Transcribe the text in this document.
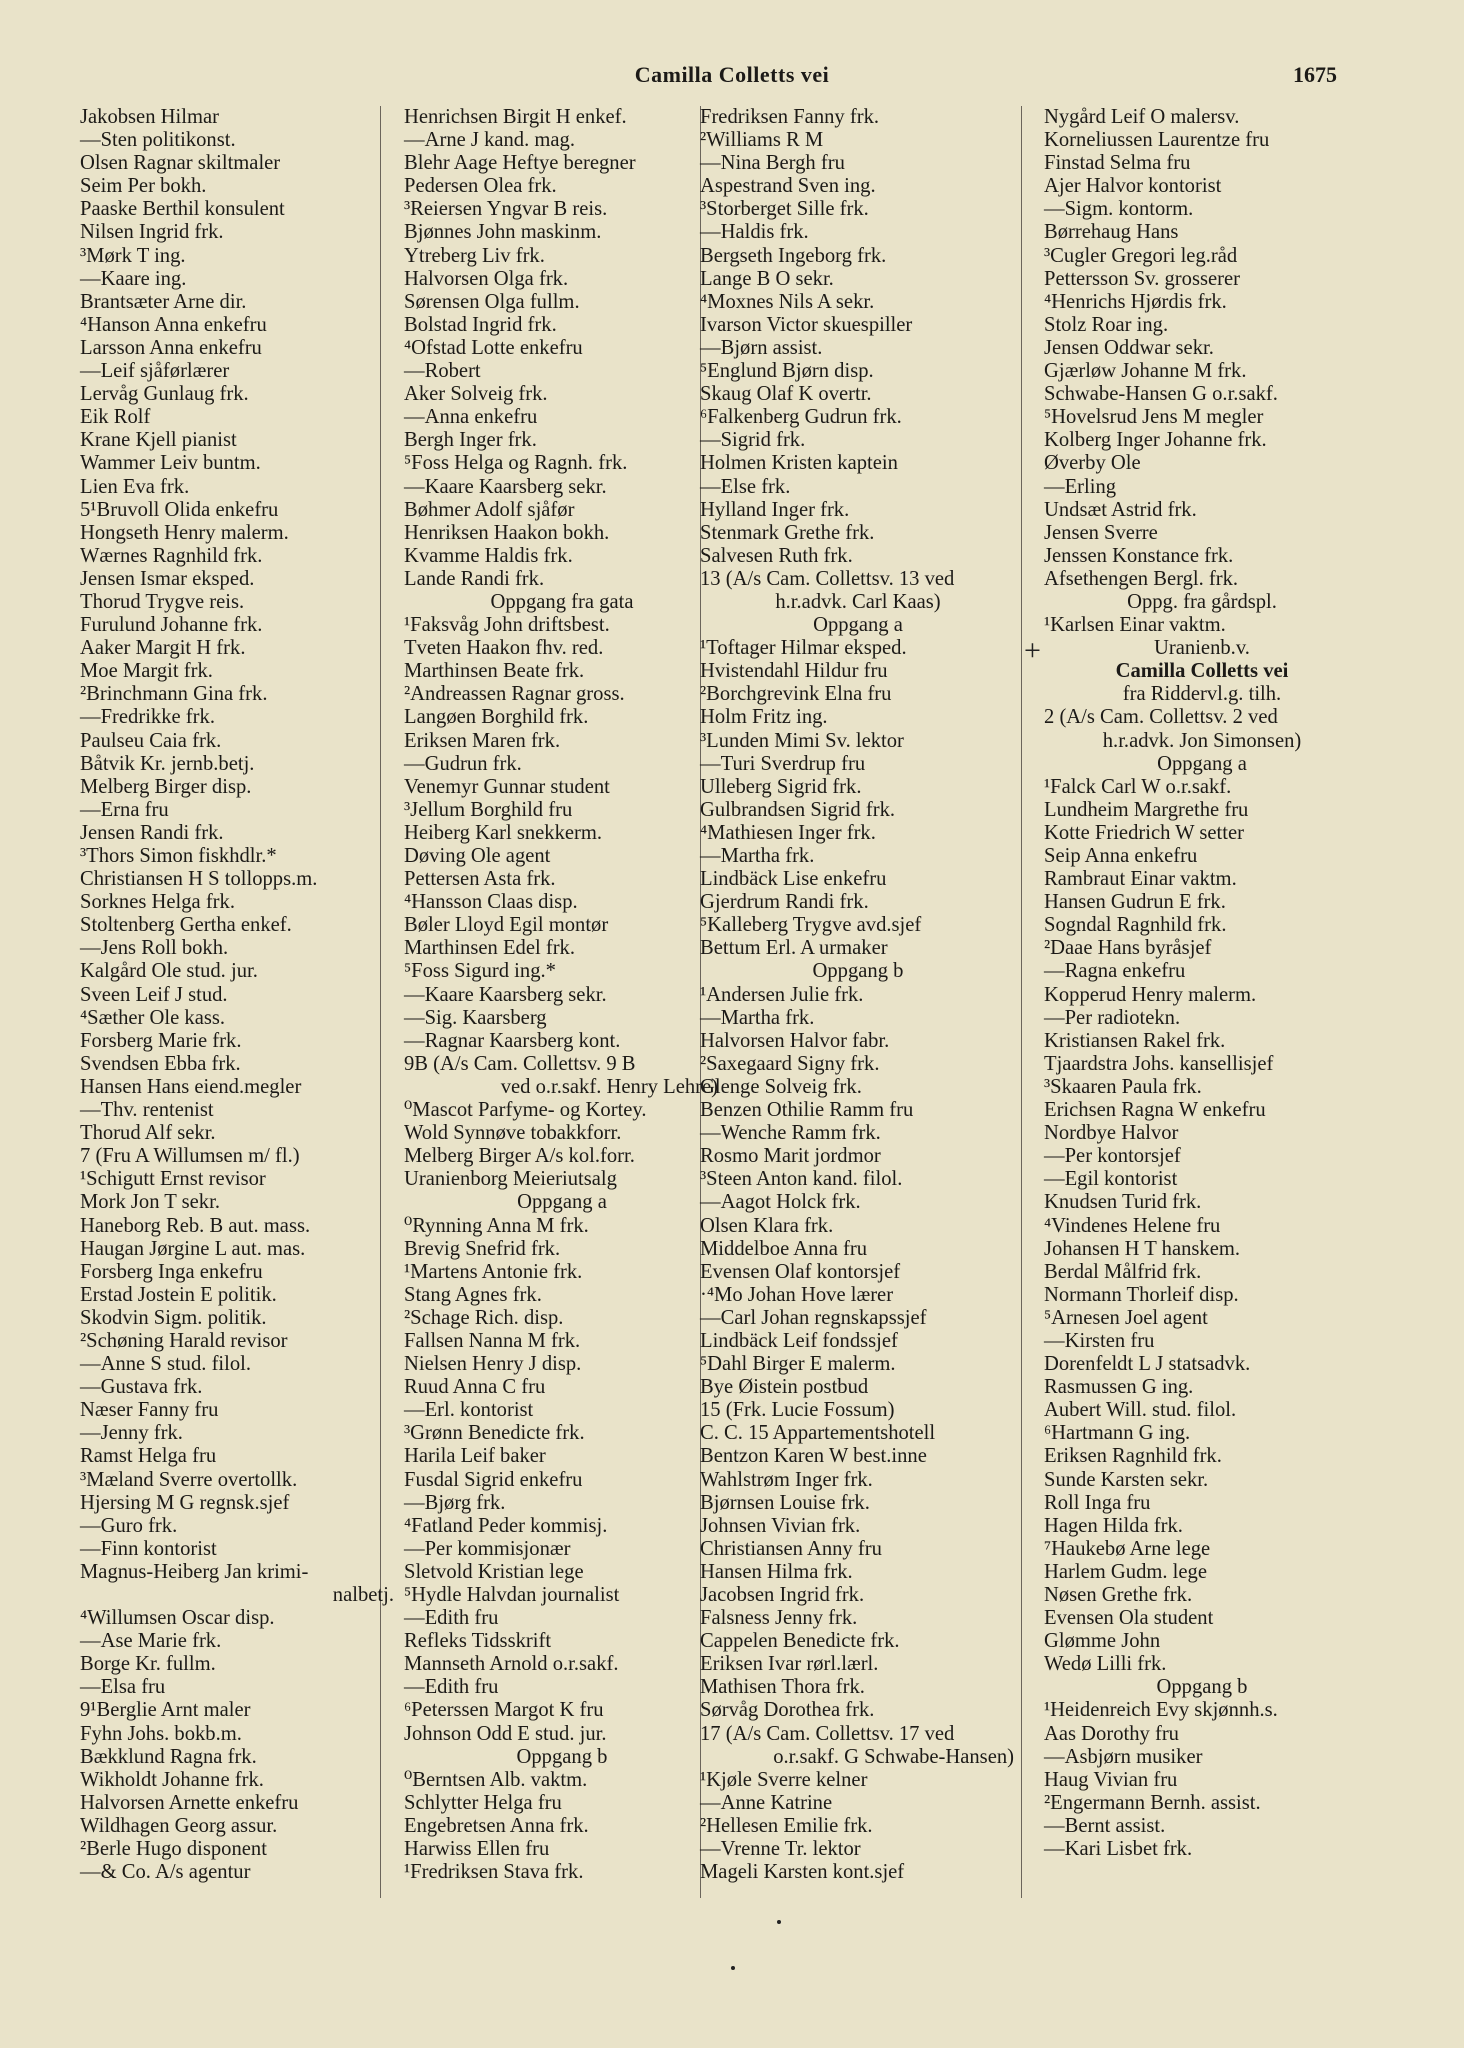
Camilla Colletts vei	1675
Jakobsen Hilmar
—Sten politikonst.
Olsen Ragnar skiltmaler
Seim Per bokh.
Paaske Berthil konsulent
Nilsen Ingrid frk.
³Mørk T ing.
—Kaare ing.
Brantsæter Arne dir.
⁴Hanson Anna enkefru
Larsson Anna enkefru
—Leif sjåførlærer
Lervåg Gunlaug frk.
Eik Rolf
Krane Kjell pianist
Wammer Leiv buntm.
Lien Eva frk.
5¹Bruvoll Olida enkefru
Hongseth Henry malerm.
Wærnes Ragnhild frk.
Jensen Ismar eksped.
Thorud Trygve reis.
Furulund Johanne frk.
Aaker Margit H frk.
Moe Margit frk.
²Brinchmann Gina frk.
—Fredrikke frk.
Paulseu Caia frk.
Båtvik Kr. jernb.betj.
Melberg Birger disp.
—Erna fru
Jensen Randi frk.
³Thors Simon fiskhdlr.*
Christiansen H S tollopps.m.
Sorknes Helga frk.
Stoltenberg Gertha enkef.
—Jens Roll bokh.
Kalgård Ole stud. jur.
Sveen Leif J stud.
⁴Sæther Ole kass.
Forsberg Marie frk.
Svendsen Ebba frk.
Hansen Hans eiend.megler
—Thv. rentenist
Thorud Alf sekr.
7 (Fru A Willumsen m/ fl.)
¹Schigutt Ernst revisor
Mork Jon T sekr.
Haneborg Reb. B aut. mass.
Haugan Jørgine L aut. mas.
Forsberg Inga enkefru
Erstad Jostein E politik.
Skodvin Sigm. politik.
²Schøning Harald revisor
—Anne S stud. filol.
—Gustava frk.
Næser Fanny fru
—Jenny frk.
Ramst Helga fru
³Mæland Sverre overtollk.
Hjersing M G regnsk.sjef
—Guro frk.
—Finn kontorist
Magnus-Heiberg Jan krimi-
nalbetj.
⁴Willumsen Oscar disp.
—Ase Marie frk.
Borge Kr. fullm.
—Elsa fru
9¹Berglie Arnt maler
Fyhn Johs. bokb.m.
Bækklund Ragna frk.
Wikholdt Johanne frk.
Halvorsen Arnette enkefru
Wildhagen Georg assur.
²Berle Hugo disponent
—& Co. A/s agentur
Henrichsen Birgit H enkef.
—Arne J kand. mag.
Blehr Aage Heftye beregner
Pedersen Olea frk.
³Reiersen Yngvar B reis.
Bjønnes John maskinm.
Ytreberg Liv frk.
Halvorsen Olga frk.
Sørensen Olga fullm.
Bolstad Ingrid frk.
⁴Ofstad Lotte enkefru
—Robert
Aker Solveig frk.
—Anna enkefru
Bergh Inger frk.
⁵Foss Helga og Ragnh. frk.
—Kaare Kaarsberg sekr.
Bøhmer Adolf sjåfør
Henriksen Haakon bokh.
Kvamme Haldis frk.
Lande Randi frk.
Oppgang fra gata
¹Faksvåg John driftsbest.
Tveten Haakon fhv. red.
Marthinsen Beate frk.
²Andreassen Ragnar gross.
Langøen Borghild frk.
Eriksen Maren frk.
—Gudrun frk.
Venemyr Gunnar student
³Jellum Borghild fru
Heiberg Karl snekkerm.
Døving Ole agent
Pettersen Asta frk.
⁴Hansson Claas disp.
Bøler Lloyd Egil montør
Marthinsen Edel frk.
⁵Foss Sigurd ing.*
—Kaare Kaarsberg sekr.
—Sig. Kaarsberg
—Ragnar Kaarsberg kont.
9B (A/s Cam. Collettsv. 9 B
ved o.r.sakf. Henry Lehre)
⁰Mascot Parfyme- og Kortey.
Wold Synnøve tobakkforr.
Melberg Birger A/s kol.forr.
Uranienborg Meieriutsalg
Oppgang a
⁰Rynning Anna M frk.
Brevig Snefrid frk.
¹Martens Antonie frk.
Stang Agnes frk.
²Schage Rich. disp.
Fallsen Nanna M frk.
Nielsen Henry J disp.
Ruud Anna C fru
—Erl. kontorist
³Grønn Benedicte frk.
Harila Leif baker
Fusdal Sigrid enkefru
—Bjørg frk.
⁴Fatland Peder kommisj.
—Per kommisjonær
Sletvold Kristian lege
⁵Hydle Halvdan journalist
—Edith fru
Refleks Tidsskrift
Mannseth Arnold o.r.sakf.
—Edith fru
⁶Peterssen Margot K fru
Johnson Odd E stud. jur.
Oppgang b
⁰Berntsen Alb. vaktm.
Schlytter Helga fru
Engebretsen Anna frk.
Harwiss Ellen fru
¹Fredriksen Stava frk.
Fredriksen Fanny frk.
²Williams R M
—Nina Bergh fru
Aspestrand Sven ing.
³Storberget Sille frk.
—Haldis frk.
Bergseth Ingeborg frk.
Lange B O sekr.
⁴Moxnes Nils A sekr.
Ivarson Victor skuespiller
—Bjørn assist.
⁵Englund Bjørn disp.
Skaug Olaf K overtr.
⁶Falkenberg Gudrun frk.
—Sigrid frk.
Holmen Kristen kaptein
—Else frk.
Hylland Inger frk.
Stenmark Grethe frk.
Salvesen Ruth frk.
13 (A/s Cam. Collettsv. 13 ved
h.r.advk. Carl Kaas)
Oppgang a
¹Toftager Hilmar eksped.
Hvistendahl Hildur fru
²Borchgrevink Elna fru
Holm Fritz ing.
³Lunden Mimi Sv. lektor
—Turi Sverdrup fru
Ulleberg Sigrid frk.
Gulbrandsen Sigrid frk.
⁴Mathiesen Inger frk.
—Martha frk.
Lindbäck Lise enkefru
Gjerdrum Randi frk.
⁵Kalleberg Trygve avd.sjef
Bettum Erl. A urmaker
Oppgang b
¹Andersen Julie frk.
—Martha frk.
Halvorsen Halvor fabr.
²Saxegaard Signy frk.
Glenge Solveig frk.
Benzen Othilie Ramm fru
—Wenche Ramm frk.
Rosmo Marit jordmor
³Steen Anton kand. filol.
—Aagot Holck frk.
Olsen Klara frk.
Middelboe Anna fru
Evensen Olaf kontorsjef
·⁴Mo Johan Hove lærer
—Carl Johan regnskapssjef
Lindbäck Leif fondssjef
⁵Dahl Birger E malerm.
Bye Øistein postbud
15 (Frk. Lucie Fossum)
C. C. 15 Appartementshotell
Bentzon Karen W best.inne
Wahlstrøm Inger frk.
Bjørnsen Louise frk.
Johnsen Vivian frk.
Christiansen Anny fru
Hansen Hilma frk.
Jacobsen Ingrid frk.
Falsness Jenny frk.
Cappelen Benedicte frk.
Eriksen Ivar rørl.lærl.
Mathisen Thora frk.
Sørvåg Dorothea frk.
17 (A/s Cam. Collettsv. 17 ved
o.r.sakf. G Schwabe-Hansen)
¹Kjøle Sverre kelner
—Anne Katrine
²Hellesen Emilie frk.
—Vrenne Tr. lektor
Mageli Karsten kont.sjef
Nygård Leif O malersv.
Korneliussen Laurentze fru
Finstad Selma fru
Ajer Halvor kontorist
—Sigm. kontorm.
Børrehaug Hans
³Cugler Gregori leg.råd
Pettersson Sv. grosserer
⁴Henrichs Hjørdis frk.
Stolz Roar ing.
Jensen Oddwar sekr.
Gjærløw Johanne M frk.
Schwabe-Hansen G o.r.sakf.
⁵Hovelsrud Jens M megler
Kolberg Inger Johanne frk.
Øverby Ole
—Erling
Undsæt Astrid frk.
Jensen Sverre
Jenssen Konstance frk.
Afsethengen Bergl. frk.
Oppg. fra gårdspl.
¹Karlsen Einar vaktm.
Uranienb.v.
Camilla Colletts vei
fra Riddervl.g. tilh.
2 (A/s Cam. Collettsv. 2 ved
h.r.advk. Jon Simonsen)
Oppgang a
¹Falck Carl W o.r.sakf.
Lundheim Margrethe fru
Kotte Friedrich W setter
Seip Anna enkefru
Rambraut Einar vaktm.
Hansen Gudrun E frk.
Sogndal Ragnhild frk.
²Daae Hans byråsjef
—Ragna enkefru
Kopperud Henry malerm.
—Per radiotekn.
Kristiansen Rakel frk.
Tjaardstra Johs. kansellisjef
³Skaaren Paula frk.
Erichsen Ragna W enkefru
Nordbye Halvor
—Per kontorsjef
—Egil kontorist
Knudsen Turid frk.
⁴Vindenes Helene fru
Johansen H T hanskem.
Berdal Målfrid frk.
Normann Thorleif disp.
⁵Arnesen Joel agent
—Kirsten fru
Dorenfeldt L J statsadvk.
Rasmussen G ing.
Aubert Will. stud. filol.
⁶Hartmann G ing.
Eriksen Ragnhild frk.
Sunde Karsten sekr.
Roll Inga fru
Hagen Hilda frk.
⁷Haukebø Arne lege
Harlem Gudm. lege
Nøsen Grethe frk.
Evensen Ola student
Glømme John
Wedø Lilli frk.
Oppgang b
¹Heidenreich Evy skjønnh.s.
Aas Dorothy fru
—Asbjørn musiker
Haug Vivian fru
²Engermann Bernh. assist.
—Bernt assist.
—Kari Lisbet frk.
+
